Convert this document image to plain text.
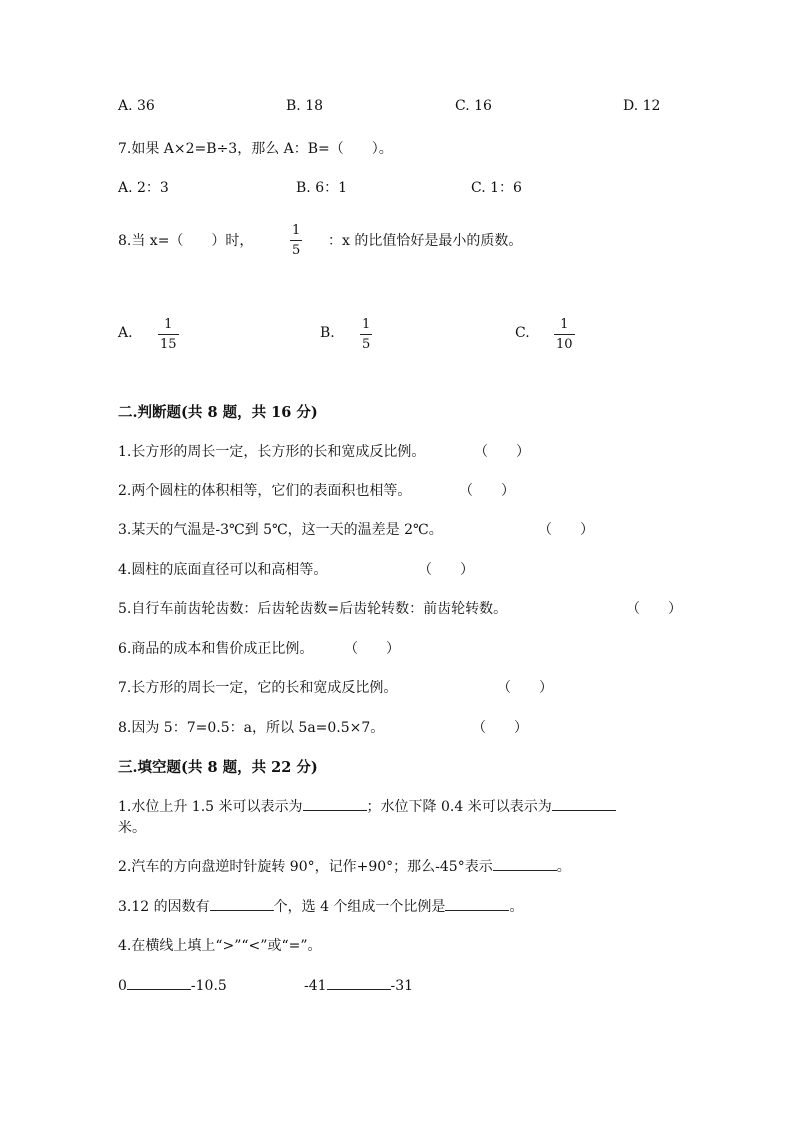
A. 36	B. 18	C. 16	D. 12
7.如果 A×2=B÷3，那么 A：B=（　　）。
A. 2：3	B. 6：1	C. 1：6
8.当 x=（　　）时，
1
5
：x 的比值恰好是最小的质数。
A.
1
15
B.
1
5
C.
1
10
二.判断题(共 8 题，共 16 分)
1.长方形的周长一定，长方形的长和宽成反比例。	（　　）
2.两个圆柱的体积相等，它们的表面积也相等。	（　　）
3.某天的气温是-3℃到 5℃，这一天的温差是 2℃。	（　　）
4.圆柱的底面直径可以和高相等。	（　　）
5.自行车前齿轮齿数：后齿轮齿数=后齿轮转数：前齿轮转数。	（　　）
6.商品的成本和售价成正比例。 （　　）
7.长方形的周长一定，它的长和宽成反比例。	（　　）
8.因为 5：7=0.5：a，所以 5a=0.5×7。	（　　）
三.填空题(共 8 题，共 22 分)
1.水位上升 1.5 米可以表示为	；水位下降 0.4 米可以表示为
米。
2.汽车的方向盘逆时针旋转 90°，记作+90°；那么-45°表示	。
3.12 的因数有	个，选 4 个组成一个比例是	。
4.在横线上填上“>”“<”或“=”。
0	-10.5	-41	-31
